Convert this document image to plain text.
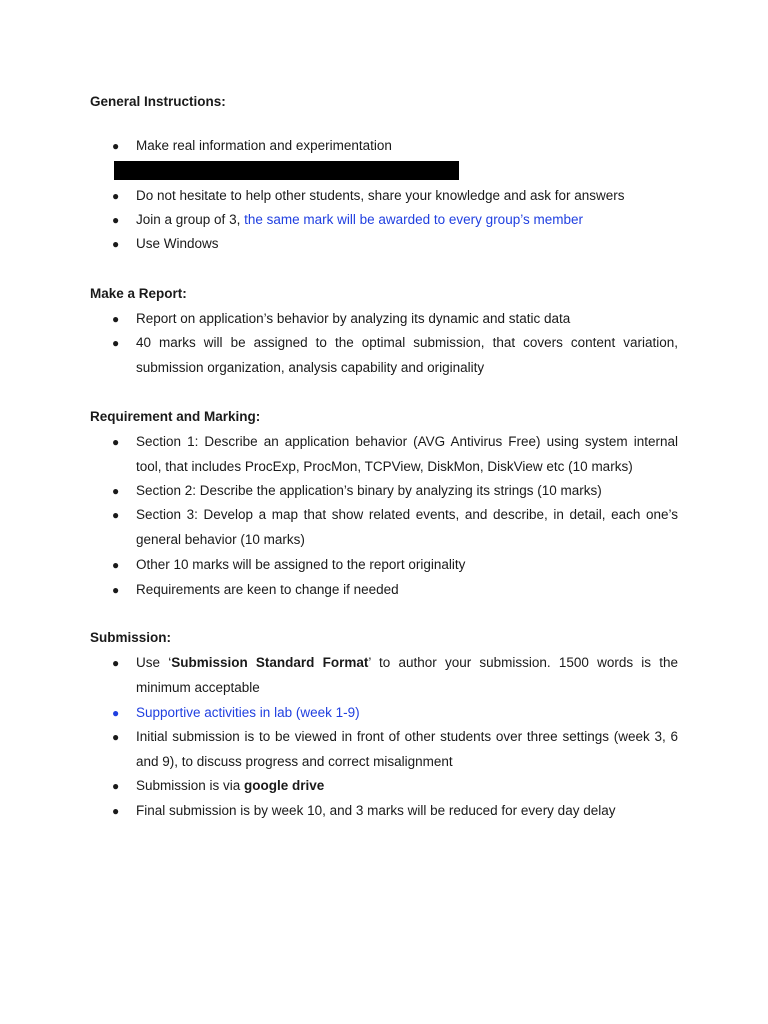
General Instructions:
●	Make real information and experimentation
●	Do not hesitate to help other students, share your knowledge and ask for answers
●	Join a group of 3, the same mark will be awarded to every group’s member
●	Use Windows
Make a Report:
●	Report on application’s behavior by analyzing its dynamic and static data
●	40 marks will be assigned to the optimal submission, that covers content variation, submission organization, analysis capability and originality
Requirement and Marking:
●	Section 1: Describe an application behavior (AVG Antivirus Free) using system internal tool, that includes ProcExp, ProcMon, TCPView, DiskMon, DiskView etc (10 marks)
●	Section 2: Describe the application’s binary by analyzing its strings (10 marks)
●	Section 3: Develop a map that show related events, and describe, in detail, each one’s general behavior (10 marks)
●	Other 10 marks will be assigned to the report originality
●	Requirements are keen to change if needed
Submission:
●	Use ‘Submission Standard Format’ to author your submission. 1500 words is the minimum acceptable
●	Supportive activities in lab (week 1-9)
●	Initial submission is to be viewed in front of other students over three settings (week 3, 6 and 9), to discuss progress and correct misalignment
●	Submission is via google drive
●	Final submission is by week 10, and 3 marks will be reduced for every day delay
